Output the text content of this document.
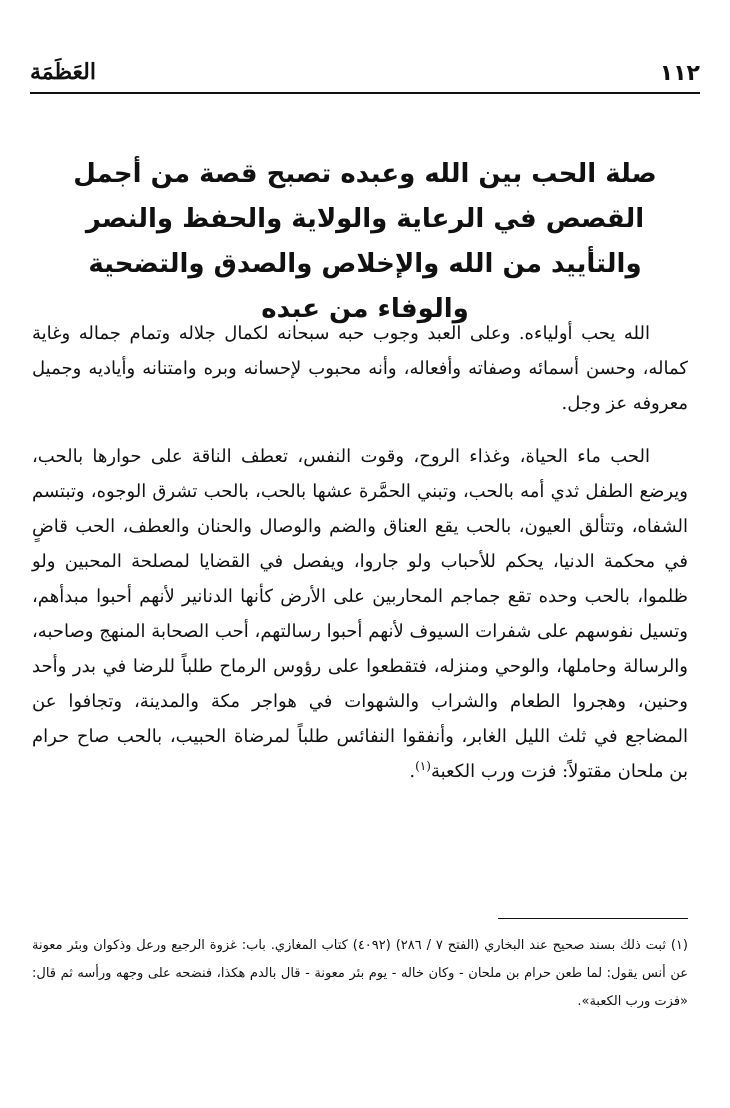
١١٢
العَظَمَة
صلة الحب بين الله وعبده تصبح قصة من أجمل القصص في الرعاية والولاية والحفظ والنصر والتأييد من الله والإخلاص والصدق والتضحية والوفاء من عبده

الله يحب أولياءه. وعلى العبد وجوب حبه سبحانه لكمال جلاله وتمام جماله وغاية كماله، وحسن أسمائه وصفاته وأفعاله، وأنه محبوب لإحسانه وبره وامتنانه وأياديه وجميل معروفه عز وجل.

الحب ماء الحياة، وغذاء الروح، وقوت النفس، تعطف الناقة على حوارها بالحب، ويرضع الطفل ثدي أمه بالحب، وتبني الحمَّرة عشها بالحب، بالحب تشرق الوجوه، وتبتسم الشفاه، وتتألق العيون، بالحب يقع العناق والضم والوصال والحنان والعطف، الحب قاضٍ في محكمة الدنيا، يحكم للأحباب ولو جاروا، ويفصل في القضايا لمصلحة المحبين ولو ظلموا، بالحب وحده تقع جماجم المحاربين على الأرض كأنها الدنانير لأنهم أحبوا مبدأهم، وتسيل نفوسهم على شفرات السيوف لأنهم أحبوا رسالتهم، أحب الصحابة المنهج وصاحبه، والرسالة وحاملها، والوحي ومنزله، فتقطعوا على رؤوس الرماح طلباً للرضا في بدر وأحد وحنين، وهجروا الطعام والشراب والشهوات في هواجر مكة والمدينة، وتجافوا عن المضاجع في ثلث الليل الغابر، وأنفقوا النفائس طلباً لمرضاة الحبيب، بالحب صاح حرام بن ملحان مقتولاً: فزت ورب الكعبة$^{(١)}$.

(١) ثبت ذلك بسند صحيح عند البخاري (الفتح ٧ / ٢٨٦) (٤٠٩٢) كتاب المغازي. باب: غزوة الرجيع ورعل وذكوان وبئر معونة عن أنس يقول: لما طعن حرام بن ملحان - وكان خاله - يوم بئر معونة - قال بالدم هكذا، فنضحه على وجهه ورأسه ثم قال: «فزت ورب الكعبة».
